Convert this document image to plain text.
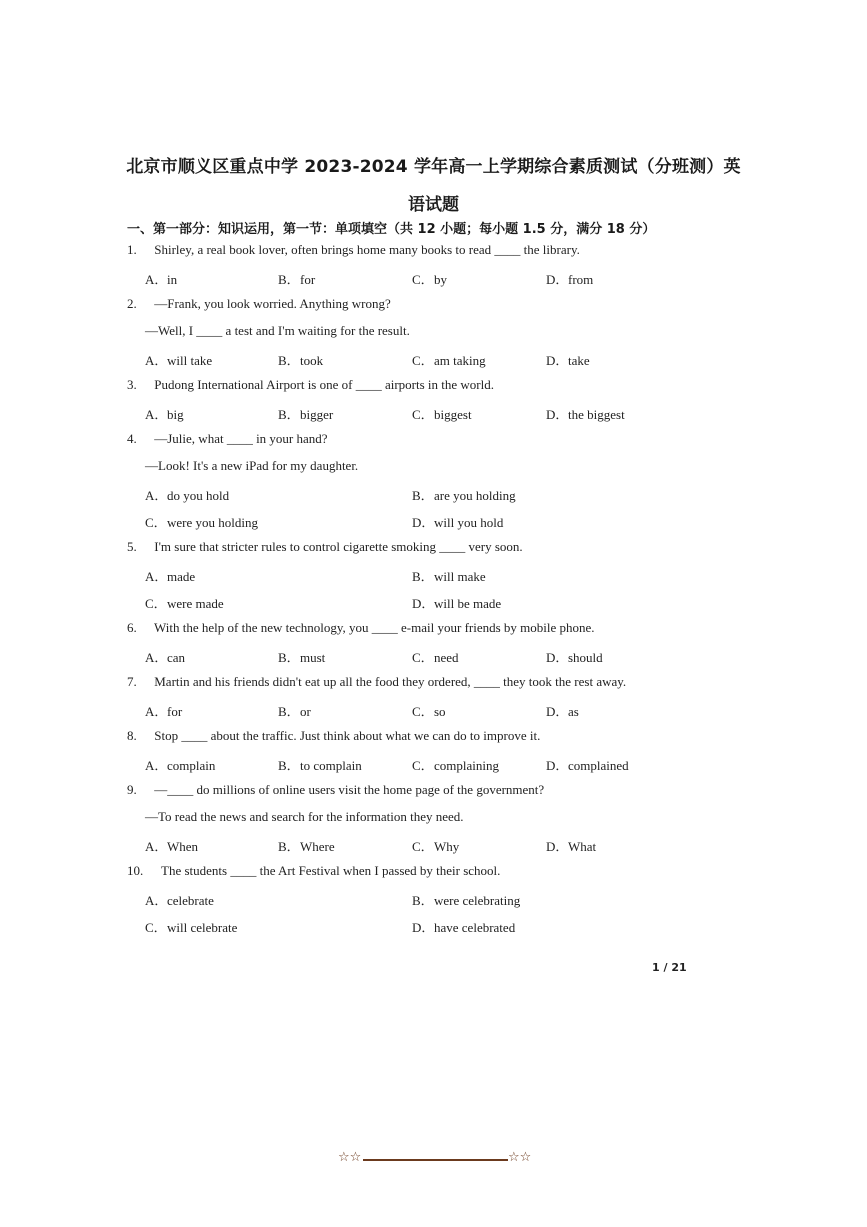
北京市顺义区重点中学 2023-2024 学年高一上学期综合素质测试（分班测）英
语试题
一、第一部分：知识运用，第一节：单项填空（共 12 小题；每小题 1.5 分，满分 18 分）
1. Shirley, a real book lover, often brings home many books to read ____ the library.
A．in	B．for	C．by	D．from
2. —Frank, you look worried. Anything wrong?
—Well, I ____ a test and I'm waiting for the result.
A．will take	B．took	C．am taking	D．take
3. Pudong International Airport is one of ____ airports in the world.
A．big	B．bigger	C．biggest	D．the biggest
4. —Julie, what ____ in your hand?
—Look! It's a new iPad for my daughter.
A．do you hold	B．are you holding
C．were you holding	D．will you hold
5. I'm sure that stricter rules to control cigarette smoking ____ very soon.
A．made	B．will make
C．were made	D．will be made
6. With the help of the new technology, you ____ e-mail your friends by mobile phone.
A．can	B．must	C．need	D．should
7. Martin and his friends didn't eat up all the food they ordered, ____ they took the rest away.
A．for	B．or	C．so	D．as
8. Stop ____ about the traffic. Just think about what we can do to improve it.
A．complain	B．to complain	C．complaining	D．complained
9. —____ do millions of online users visit the home page of the government?
—To read the news and search for the information they need.
A．When	B．Where	C．Why	D．What
10. The students ____ the Art Festival when I passed by their school.
A．celebrate	B．were celebrating
C．will celebrate	D．have celebrated
1 / 21
☆☆	☆☆
